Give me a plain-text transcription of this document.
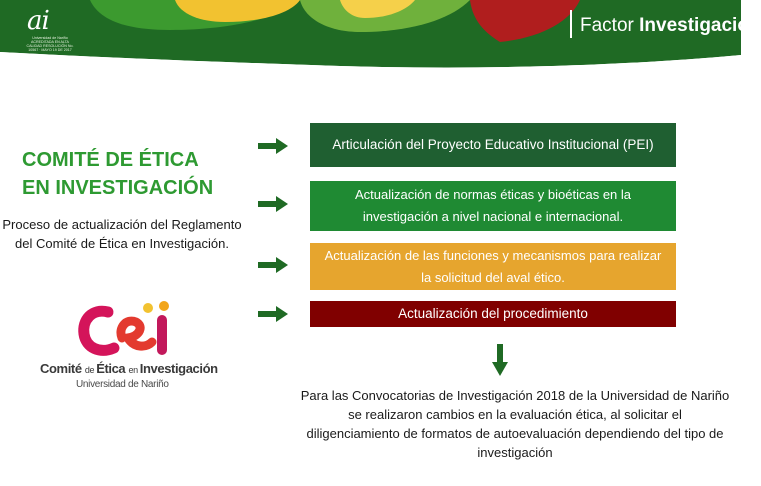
ai
Universidad de Nariño
ACREDITADA EN ALTA CALIDAD RESOLUCIÓN No. 10567 · MAYO 19 DE 2017
Factor Investigación
COMITÉ DE ÉTICA
EN INVESTIGACIÓN
Proceso de actualización del Reglamento del Comité de Ética en Investigación.
Comité de Ética en Investigación
Universidad de Nariño
Articulación del Proyecto Educativo Institucional (PEI)
Actualización de normas éticas y bioéticas en la investigación a nivel nacional e internacional.
Actualización de las funciones y mecanismos para realizar la solicitud del aval ético.
Actualización del procedimiento
Para las Convocatorias de Investigación 2018 de la Universidad de Nariño se realizaron cambios en la evaluación ética, al solicitar el diligenciamiento de formatos de autoevaluación dependiendo del tipo de investigación
